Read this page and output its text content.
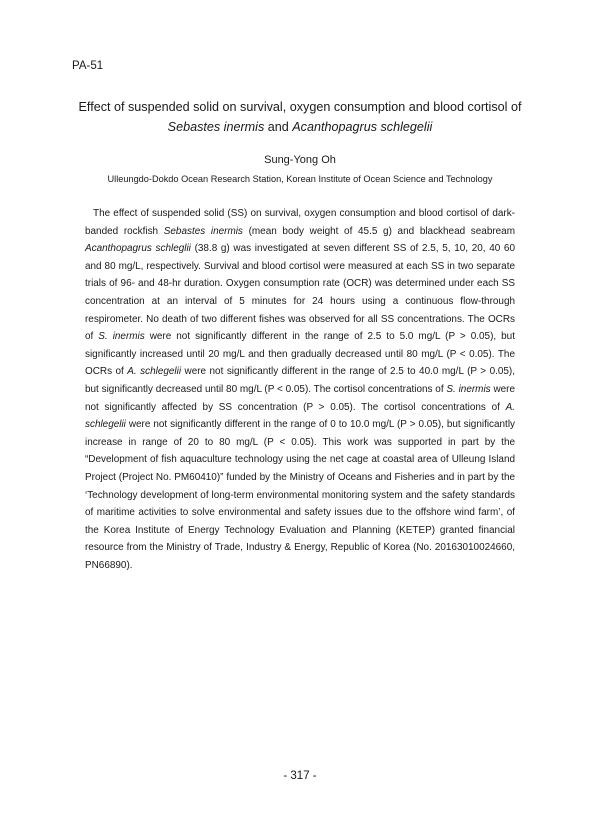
PA-51
Effect of suspended solid on survival, oxygen consumption and blood cortisol of
Sebastes inermis and Acanthopagrus schlegelii
Sung-Yong Oh
Ulleungdo-Dokdo Ocean Research Station, Korean Institute of Ocean Science and Technology

The effect of suspended solid (SS) on survival, oxygen consumption and blood cortisol of dark-banded rockfish Sebastes inermis (mean body weight of 45.5 g) and blackhead seabream Acanthopagrus schleglii (38.8 g) was investigated at seven different SS of 2.5, 5, 10, 20, 40 60 and 80 mg/L, respectively. Survival and blood cortisol were measured at each SS in two separate trials of 96- and 48-hr duration. Oxygen consumption rate (OCR) was determined under each SS concentration at an interval of 5 minutes for 24 hours using a continuous flow-through respirometer. No death of two different fishes was observed for all SS concentrations. The OCRs of S. inermis were not significantly different in the range of 2.5 to 5.0 mg/L (P > 0.05), but significantly increased until 20 mg/L and then gradually decreased until 80 mg/L (P < 0.05). The OCRs of A. schlegelii were not significantly different in the range of 2.5 to 40.0 mg/L (P > 0.05), but significantly decreased until 80 mg/L (P < 0.05). The cortisol concentrations of S. inermis were not significantly affected by SS concentration (P > 0.05). The cortisol concentrations of A. schlegelii were not significantly different in the range of 0 to 10.0 mg/L (P > 0.05), but significantly increase in range of 20 to 80 mg/L (P < 0.05). This work was supported in part by the “Development of fish aquaculture technology using the net cage at coastal area of Ulleung Island Project (Project No. PM60410)” funded by the Ministry of Oceans and Fisheries and in part by the ‘Technology development of long-term environmental monitoring system and the safety standards of maritime activities to solve environmental and safety issues due to the offshore wind farm’, of the Korea Institute of Energy Technology Evaluation and Planning (KETEP) granted financial resource from the Ministry of Trade, Industry & Energy, Republic of Korea (No. 20163010024660, PN66890).

- 317 -
